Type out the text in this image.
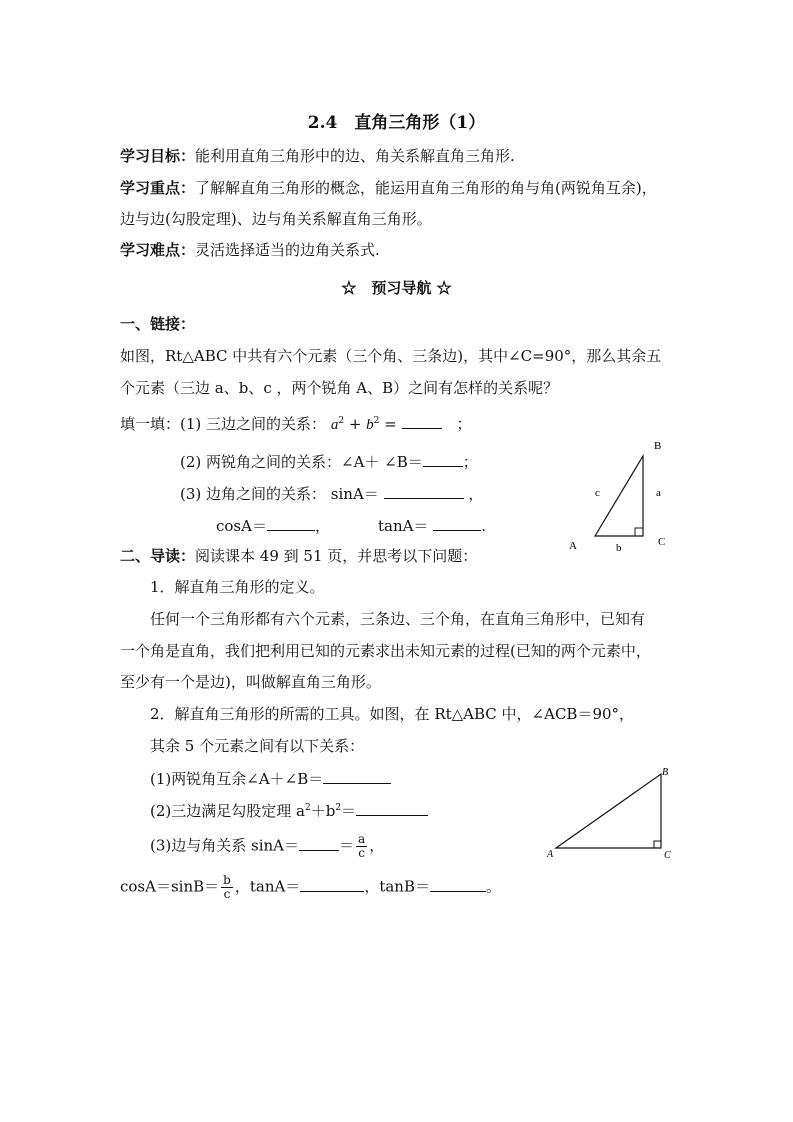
2.4　直角三角形（1）
学习目标：能利用直角三角形中的边、角关系解直角三角形.
学习重点：了解解直角三角形的概念，能运用直角三角形的角与角(两锐角互余)，
边与边(勾股定理)、边与角关系解直角三角形。
学习难点：灵活选择适当的边角关系式.
☆　预习导航 ☆
一、链接：
如图，Rt△ABC 中共有六个元素（三个角、三条边)，其中∠C=90°，那么其余五
个元素（三边 a、b、c ，两个锐角 A、B）之间有怎样的关系呢？
填一填：(1) 三边之间的关系： $a^2 + b^2$ = 　	；
(2) 两锐角之间的关系：∠A＋ ∠B＝	；
(3) 边角之间的关系： sinA＝	，
cosA＝	，	tanA＝	.
A
B
C
a
b
c
二、导读：阅读课本 49 到 51 页，并思考以下问题：
1．解直角三角形的定义。
任何一个三角形都有六个元素，三条边、三个角，在直角三角形中，已知有
一个角是直角，我们把利用已知的元素求出未知元素的过程(已知的两个元素中，
至少有一个是边)，叫做解直角三角形。
2．解直角三角形的所需的工具。如图，在 Rt△ABC 中，∠ACB＝90°，
其余 5 个元素之间有以下关系：
(1)两锐角互余∠A＋∠B＝
(2)三边满足勾股定理 $a^2+b^2=$
(3)边与角关系 sinA＝	＝ $\frac{a}{c}$ ，
$\cos A=\sin B= \frac{b}{c}$ ，tanA＝	，tanB＝	。
A
B
C
